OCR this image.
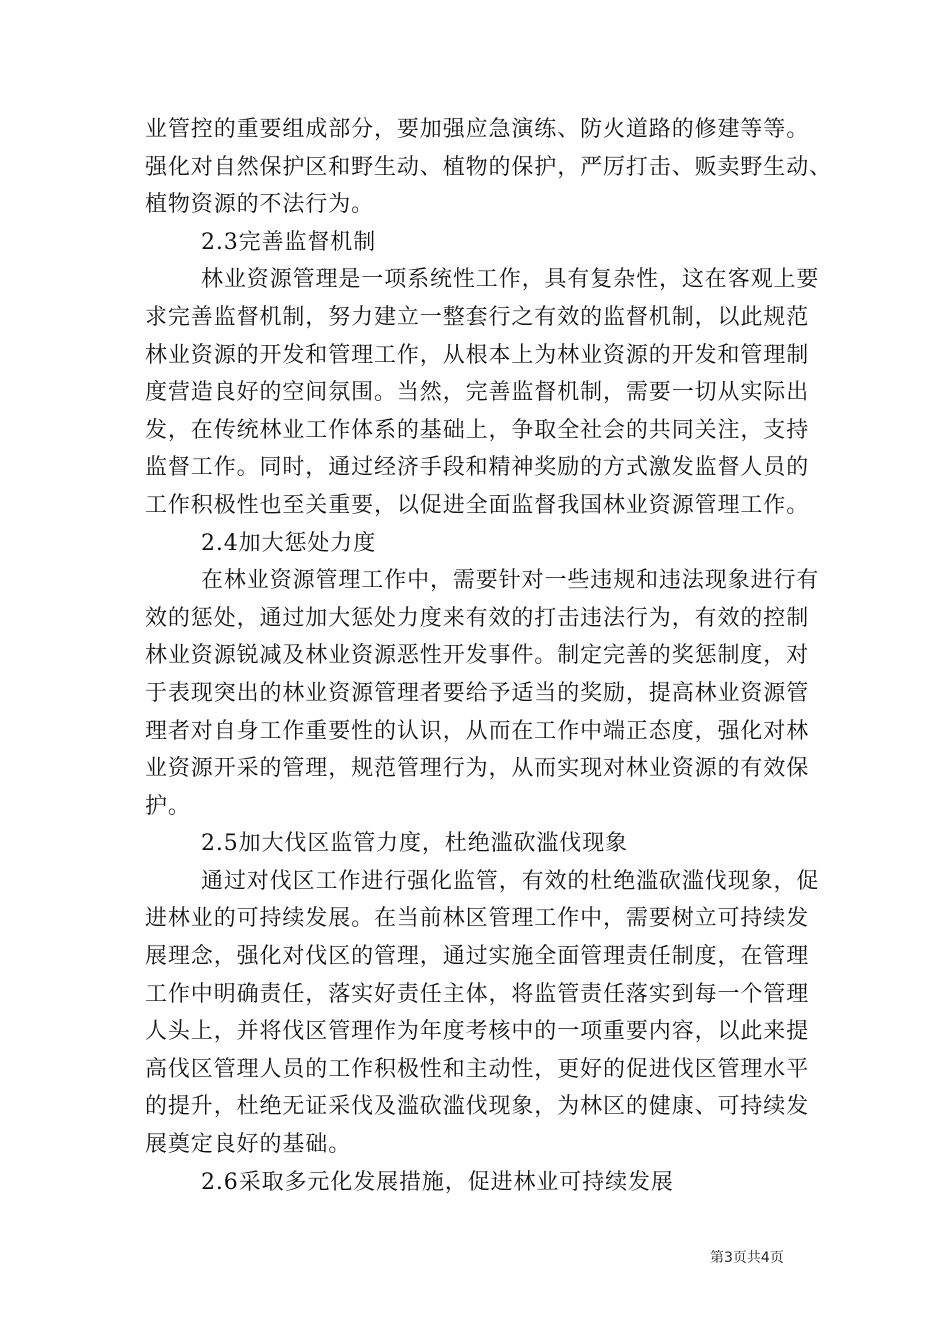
业管控的重要组成部分，要加强应急演练、防火道路的修建等等。
强化对自然保护区和野生动、植物的保护，严厉打击、贩卖野生动、
植物资源的不法行为。
2.3完善监督机制
林业资源管理是一项系统性工作，具有复杂性，这在客观上要
求完善监督机制，努力建立一整套行之有效的监督机制，以此规范
林业资源的开发和管理工作，从根本上为林业资源的开发和管理制
度营造良好的空间氛围。当然，完善监督机制，需要一切从实际出
发，在传统林业工作体系的基础上，争取全社会的共同关注，支持
监督工作。同时，通过经济手段和精神奖励的方式激发监督人员的
工作积极性也至关重要，以促进全面监督我国林业资源管理工作。
2.4加大惩处力度
在林业资源管理工作中，需要针对一些违规和违法现象进行有
效的惩处，通过加大惩处力度来有效的打击违法行为，有效的控制
林业资源锐减及林业资源恶性开发事件。制定完善的奖惩制度，对
于表现突出的林业资源管理者要给予适当的奖励，提高林业资源管
理者对自身工作重要性的认识，从而在工作中端正态度，强化对林
业资源开采的管理，规范管理行为，从而实现对林业资源的有效保
护。
2.5加大伐区监管力度，杜绝滥砍滥伐现象
通过对伐区工作进行强化监管，有效的杜绝滥砍滥伐现象，促
进林业的可持续发展。在当前林区管理工作中，需要树立可持续发
展理念，强化对伐区的管理，通过实施全面管理责任制度，在管理
工作中明确责任，落实好责任主体，将监管责任落实到每一个管理
人头上，并将伐区管理作为年度考核中的一项重要内容，以此来提
高伐区管理人员的工作积极性和主动性，更好的促进伐区管理水平
的提升，杜绝无证采伐及滥砍滥伐现象，为林区的健康、可持续发
展奠定良好的基础。
2.6采取多元化发展措施，促进林业可持续发展
第3页共4页
